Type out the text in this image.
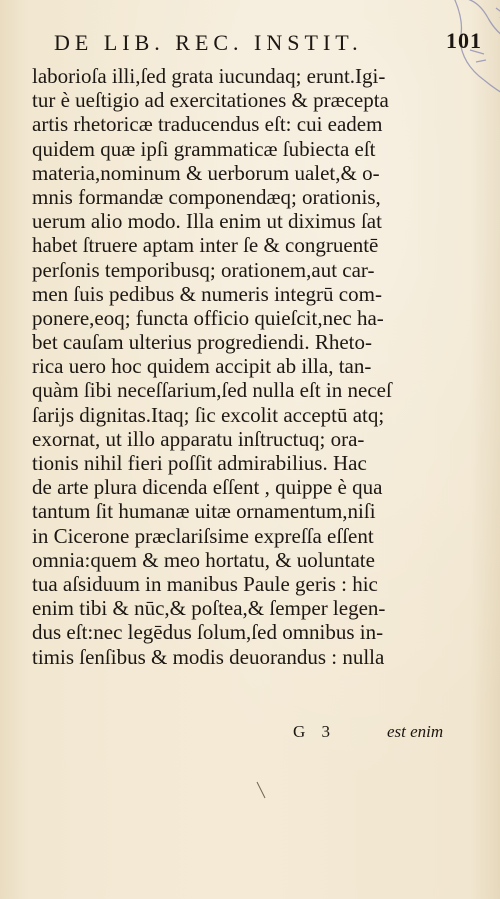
DE LIB. REC. INSTIT.	101
laborioſa illi,ſed grata iucundaq; erunt.Igi-
tur è ueſtigio ad exercitationes & præcepta
artis rhetoricæ traducendus eſt: cui eadem
quidem quæ ipſi grammaticæ ſubiecta eſt
materia,nominum & uerborum ualet,& o-
mnis formandæ componendæq; orationis,
uerum alio modo. Illa enim ut diximus ſat
habet ſtruere aptam inter ſe & congruentē
perſonis temporibusq; orationem,aut car-
men ſuis pedibus & numeris integrū com-
ponere,eoq; functa officio quieſcit,nec ha-
bet cauſam ulterius progrediendi. Rheto-
rica uero hoc quidem accipit ab illa, tan-
quàm ſibi neceſſarium,ſed nulla eſt in neceſ
ſarijs dignitas.Itaq; ſic excolit acceptū atq;
exornat, ut illo apparatu inſtructuq; ora-
tionis nihil fieri poſſit admirabilius. Hac
de arte plura dicenda eſſent , quippe è qua
tantum ſit humanæ uitæ ornamentum,niſi
in Cicerone præclariſsime expreſſa eſſent
omnia:quem & meo hortatu, & uoluntate
tua aſsiduum in manibus Paule geris : hic
enim tibi & nūc,& poſtea,& ſemper legen-
dus eſt:nec legēdus ſolum,ſed omnibus in-
timis ſenſibus & modis deuorandus : nulla
G 3	est enim
